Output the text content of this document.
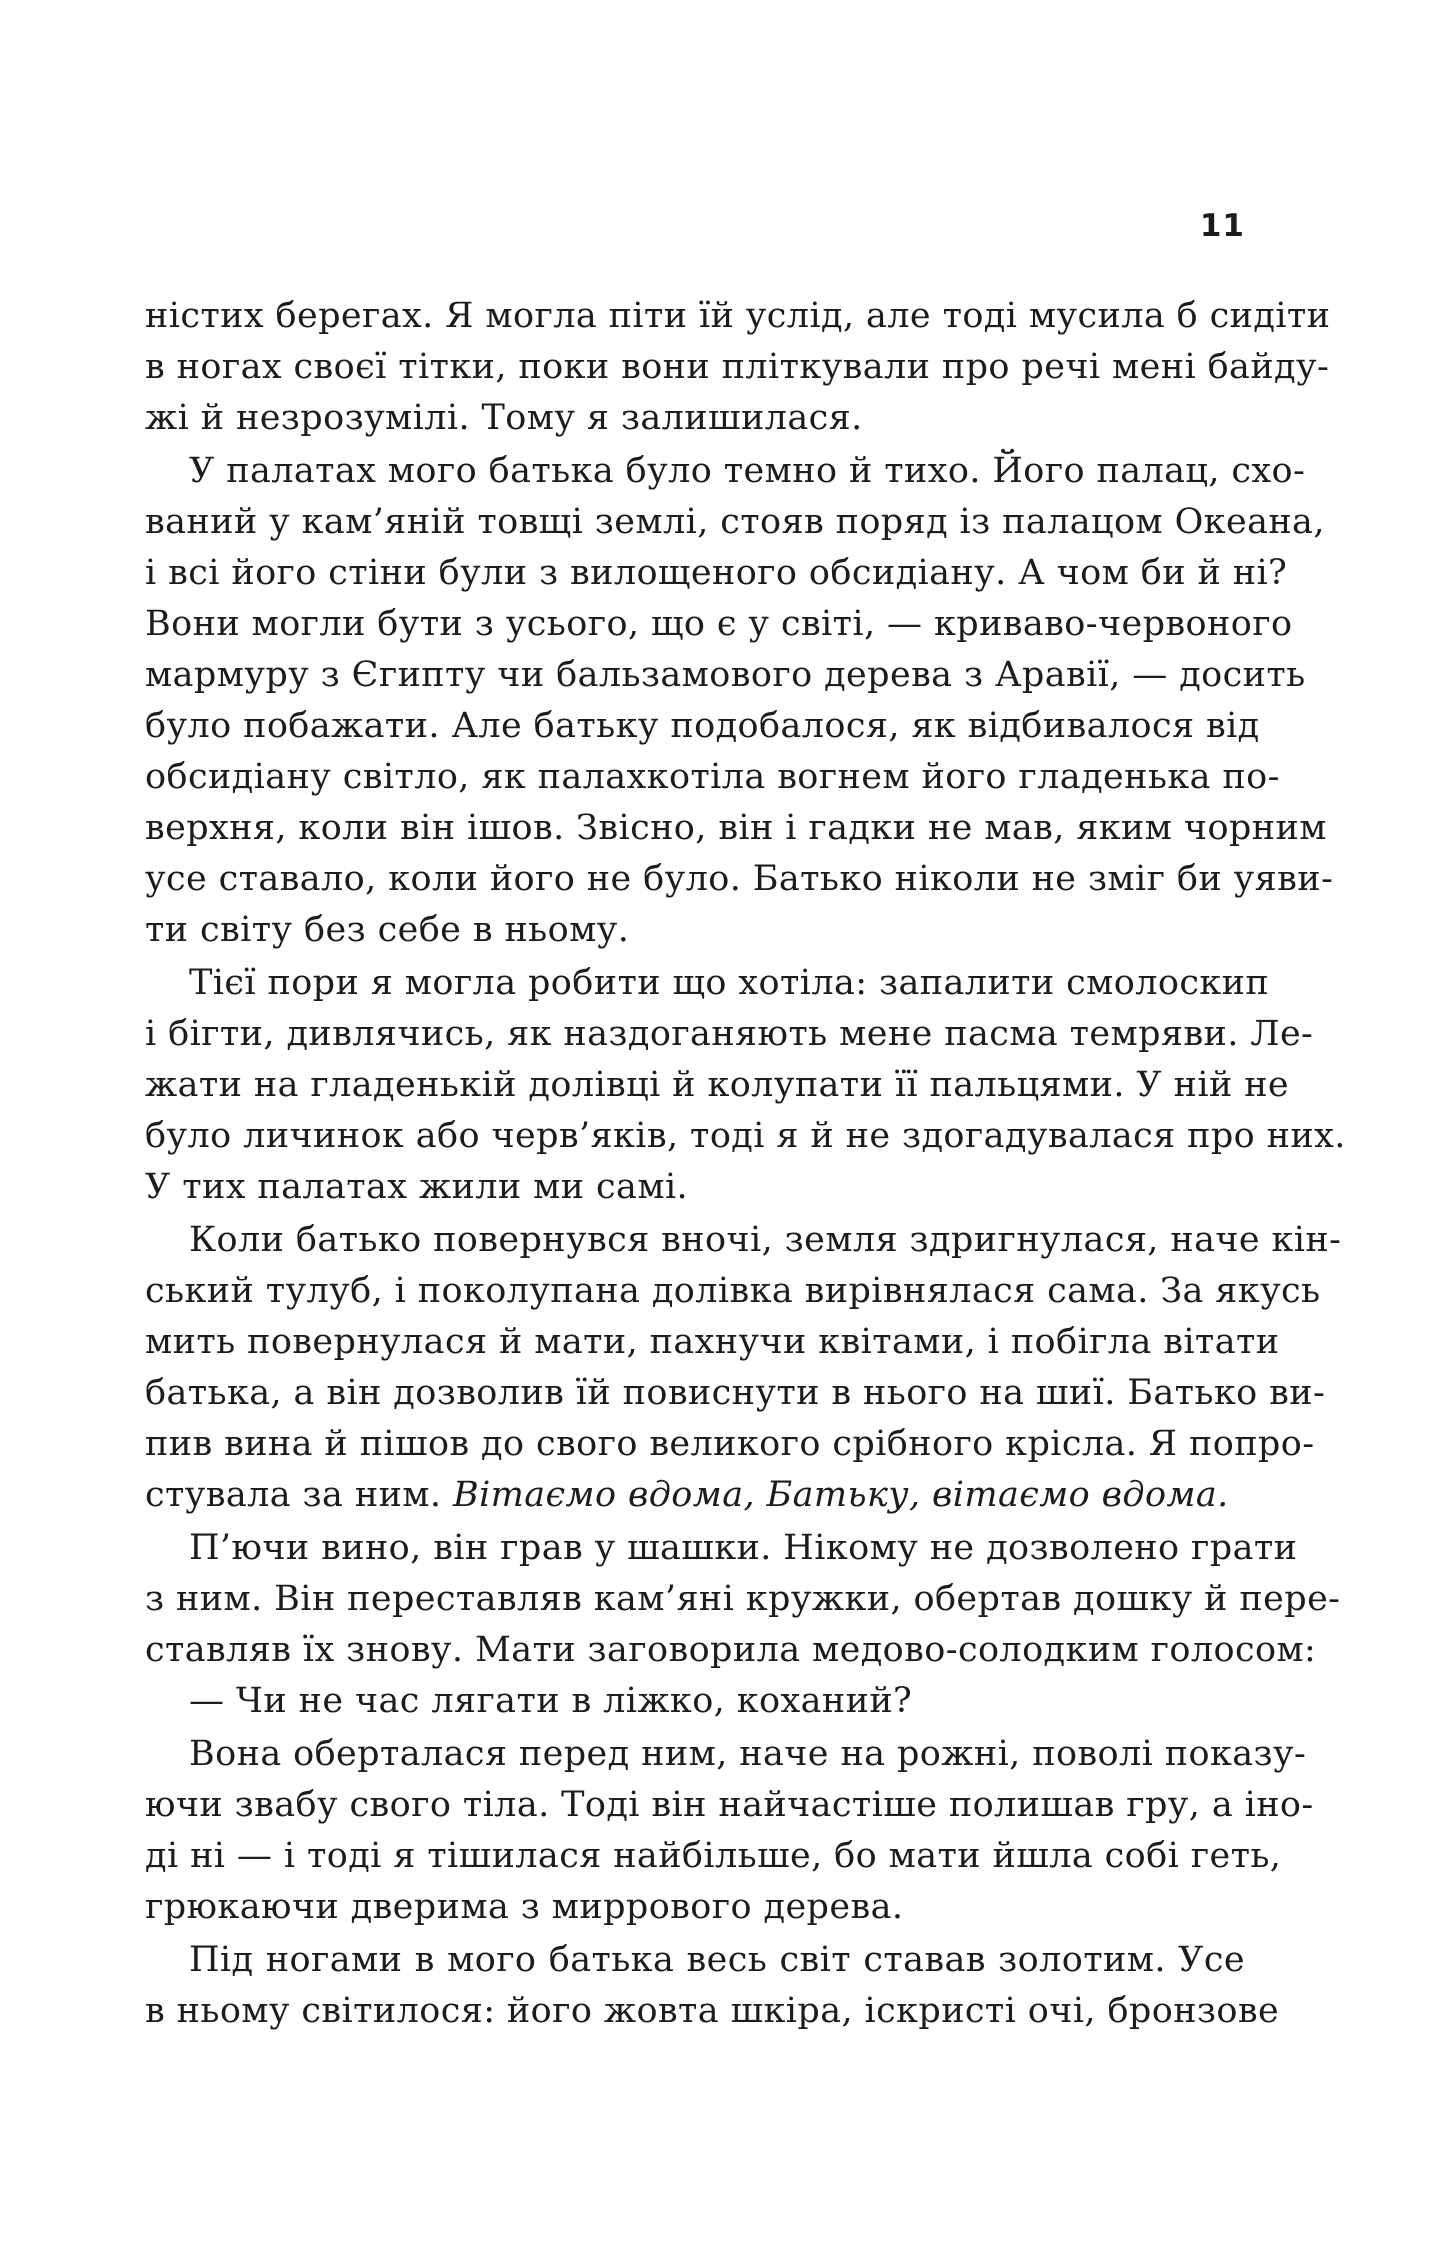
11
ністих берегах. Я могла піти їй услід, але тоді мусила б сидіти
в ногах своєї тітки, поки вони пліткували про речі мені байду-
жі й незрозумілі. Тому я залишилася.
У палатах мого батька було темно й тихо. Його палац, схо-
ваний у кам’яній товщі землі, стояв поряд із палацом Океана,
і всі його стіни були з вилощеного обсидіану. А чом би й ні?
Вони могли бути з усього, що є у світі, — криваво-червоного
мармуру з Єгипту чи бальзамового дерева з Аравії, — досить
було побажати. Але батьку подобалося, як відбивалося від
обсидіану світло, як палахкотіла вогнем його гладенька по-
верхня, коли він ішов. Звісно, він і гадки не мав, яким чорним
усе ставало, коли його не було. Батько ніколи не зміг би уяви-
ти світу без себе в ньому.
Тієї пори я могла робити що хотіла: запалити смолоскип
і бігти, дивлячись, як наздоганяють мене пасма темряви. Ле-
жати на гладенькій долівці й колупати її пальцями. У ній не
було личинок або черв’яків, тоді я й не здогадувалася про них.
У тих палатах жили ми самі.
Коли батько повернувся вночі, земля здригнулася, наче кін-
ський тулуб, і поколупана долівка вирівнялася сама. За якусь
мить повернулася й мати, пахнучи квітами, і побігла вітати
батька, а він дозволив їй повиснути в нього на шиї. Батько ви-
пив вина й пішов до свого великого срібного крісла. Я попро-
стувала за ним. Вітаємо вдома, Батьку, вітаємо вдома.
П’ючи вино, він грав у шашки. Нікому не дозволено грати
з ним. Він переставляв кам’яні кружки, обертав дошку й пере-
ставляв їх знову. Мати заговорила медово-солодким голосом:
— Чи не час лягати в ліжко, коханий?
Вона оберталася перед ним, наче на рожні, поволі показу-
ючи звабу свого тіла. Тоді він найчастіше полишав гру, а іно-
ді ні — і тоді я тішилася найбільше, бо мати йшла собі геть,
грюкаючи дверима з миррового дерева.
Під ногами в мого батька весь світ ставав золотим. Усе
в ньому світилося: його жовта шкіра, іскристі очі, бронзове
